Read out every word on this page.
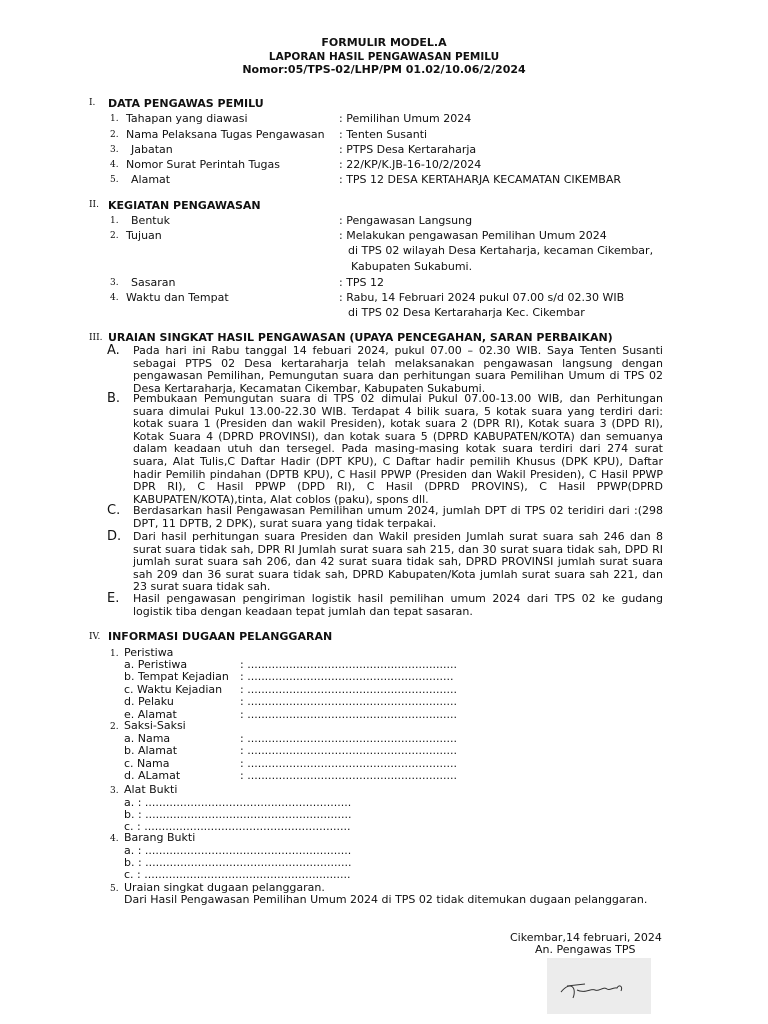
FORMULIR MODEL.A
LAPORAN HASIL PENGAWASAN PEMILU
Nomor:05/TPS-02/LHP/PM 01.02/10.06/2/2024
I. DATA PENGAWAS PEMILU
1. Tahapan yang diawasi	: Pemilihan Umum 2024
2. Nama Pelaksana Tugas Pengawasan : Tenten Susanti
3. Jabatan	: PTPS Desa Kertaraharja
4. Nomor Surat Perintah Tugas	: 22/KP/K.JB-16-10/2/2024
5. Alamat	: TPS 12 DESA KERTAHARJA KECAMATAN CIKEMBAR
II. KEGIATAN PENGAWASAN
1. Bentuk	: Pengawasan Langsung
2. Tujuan	: Melakukan pengawasan Pemilihan Umum 2024
di TPS 02 wilayah Desa Kertaharja, kecaman Cikembar,
Kabupaten Sukabumi.
3. Sasaran	: TPS 12
4. Waktu dan Tempat	: Rabu, 14 Februari 2024 pukul 07.00 s/d 02.30 WIB
di TPS 02 Desa Kertaraharja Kec. Cikembar
III. URAIAN SINGKAT HASIL PENGAWASAN (UPAYA PENCEGAHAN, SARAN PERBAIKAN)
A. Pada hari ini Rabu tanggal 14 febuari 2024, pukul 07.00 – 02.30 WIB. Saya Tenten Susanti sebagai PTPS 02 Desa kertaraharja telah melaksanakan pengawasan langsung dengan pengawasan Pemilihan, Pemungutan suara dan perhitungan suara Pemilihan Umum di TPS 02 Desa Kertaraharja, Kecamatan Cikembar, Kabupaten Sukabumi.
B. Pembukaan Pemungutan suara di TPS 02 dimulai Pukul 07.00-13.00 WIB, dan Perhitungan suara dimulai Pukul 13.00-22.30 WIB. Terdapat 4 bilik suara, 5 kotak suara yang terdiri dari: kotak suara 1 (Presiden dan wakil Presiden), kotak suara 2 (DPR RI), Kotak suara 3 (DPD RI), Kotak Suara 4 (DPRD PROVINSI), dan kotak suara 5 (DPRD KABUPATEN/KOTA) dan semuanya dalam keadaan utuh dan tersegel. Pada masing-masing kotak suara terdiri dari 274 surat suara, Alat Tulis,C Daftar Hadir (DPT KPU), C Daftar hadir pemilih Khusus (DPK KPU), Daftar hadir Pemilih pindahan (DPTB KPU), C Hasil PPWP (Presiden dan Wakil Presiden), C Hasil PPWP DPR RI), C Hasil PPWP (DPD RI), C Hasil (DPRD PROVINS), C Hasil PPWP(DPRD KABUPATEN/KOTA),tinta, Alat coblos (paku), spons dll.
C. Berdasarkan hasil Pengawasan Pemilihan umum 2024, jumlah DPT di TPS 02 teridiri dari :(298 DPT, 11 DPTB, 2 DPK), surat suara yang tidak terpakai.
D. Dari hasil perhitungan suara Presiden dan Wakil presiden Jumlah surat suara sah 246 dan 8 surat suara tidak sah, DPR RI Jumlah surat suara sah 215, dan 30 surat suara tidak sah, DPD RI jumlah surat suara sah 206, dan 42 surat suara tidak sah, DPRD PROVINSI jumlah surat suara sah 209 dan 36 surat suara tidak sah, DPRD Kabupaten/Kota jumlah surat suara sah 221, dan 23 surat suara tidak sah.
E. Hasil pengawasan pengiriman logistik hasil pemilihan umum 2024 dari TPS 02 ke gudang logistik tiba dengan keadaan tepat jumlah dan tepat sasaran.
IV. INFORMASI DUGAAN PELANGGARAN
1. Peristiwa
a. Peristiwa	: ............................................................
b. Tempat Kejadian : ...........................................................
c. Waktu Kejadian : ............................................................
d. Pelaku	: ............................................................
e. Alamat	: ............................................................
2. Saksi-Saksi
a. Nama	: ............................................................
b. Alamat	: ............................................................
c. Nama	: ............................................................
d. ALamat	: ............................................................
3. Alat Bukti
a. : ...........................................................
b. : ...........................................................
c. : ...........................................................
4. Barang Bukti
a. : ...........................................................
b. : ...........................................................
c. : ...........................................................
5. Uraian singkat dugaan pelanggaran.
Dari Hasil Pengawasan Pemilihan Umum 2024 di TPS 02 tidak ditemukan dugaan pelanggaran.
Cikembar,14 februari, 2024
An. Pengawas TPS
